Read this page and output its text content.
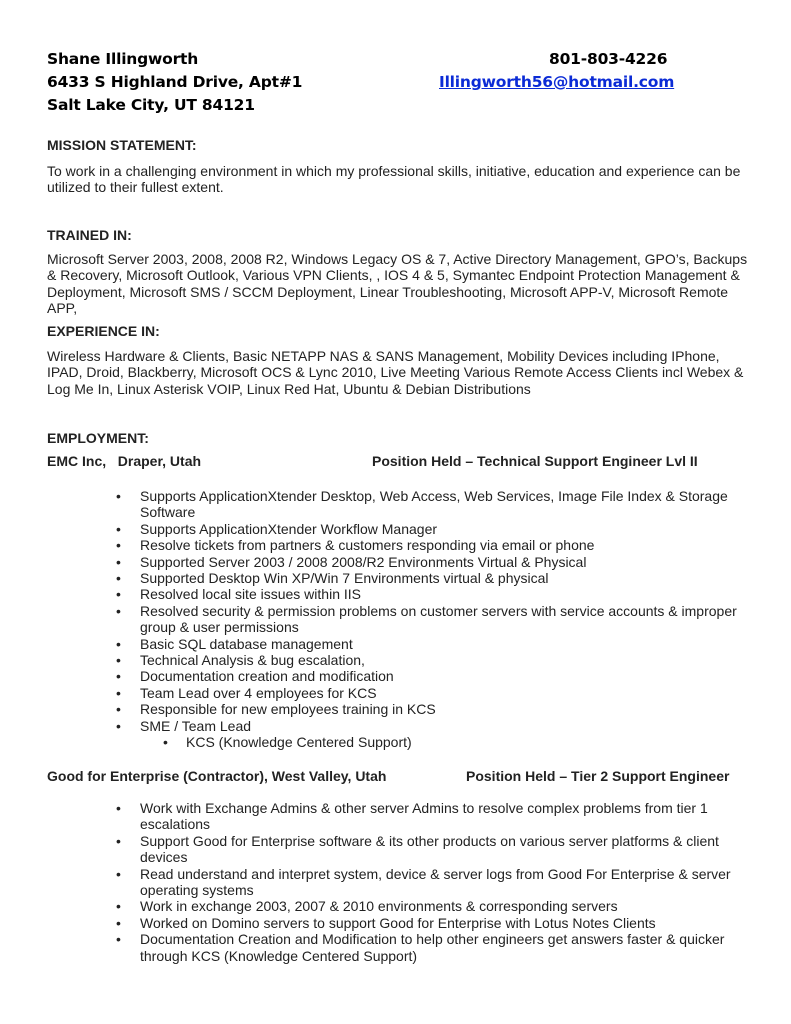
Shane Illingworth
6433 S Highland Drive, Apt#1
Salt Lake City, UT 84121
801-803-4226
Illingworth56@hotmail.com
MISSION STATEMENT:
To work in a challenging environment in which my professional skills, initiative, education and experience can be utilized to their fullest extent.
TRAINED IN:
Microsoft Server 2003, 2008, 2008 R2, Windows Legacy OS & 7, Active Directory Management, GPO’s, Backups & Recovery, Microsoft Outlook, Various VPN Clients, , IOS 4 & 5, Symantec Endpoint Protection Management & Deployment, Microsoft SMS / SCCM Deployment, Linear Troubleshooting, Microsoft APP-V, Microsoft Remote APP,
EXPERIENCE IN:
Wireless Hardware & Clients, Basic NETAPP NAS & SANS Management, Mobility Devices including IPhone, IPAD, Droid, Blackberry, Microsoft OCS & Lync 2010, Live Meeting Various Remote Access Clients incl Webex & Log Me In, Linux Asterisk VOIP, Linux Red Hat, Ubuntu & Debian Distributions
EMPLOYMENT:
EMC Inc,   Draper, Utah	Position Held – Technical Support Engineer Lvl II
• Supports ApplicationXtender Desktop, Web Access, Web Services, Image File Index & Storage Software
• Supports ApplicationXtender Workflow Manager
• Resolve tickets from partners & customers responding via email or phone
• Supported Server 2003 / 2008 2008/R2 Environments Virtual & Physical
• Supported Desktop Win XP/Win 7 Environments virtual & physical
• Resolved local site issues within IIS
• Resolved security & permission problems on customer servers with service accounts & improper group & user permissions
• Basic SQL database management
• Technical Analysis & bug escalation,
• Documentation creation and modification
• Team Lead over 4 employees for KCS
• Responsible for new employees training in KCS
• SME / Team Lead
• KCS (Knowledge Centered Support)
Good for Enterprise (Contractor), West Valley, Utah	Position Held – Tier 2 Support Engineer
• Work with Exchange Admins & other server Admins to resolve complex problems from tier 1 escalations
• Support Good for Enterprise software & its other products on various server platforms & client devices
• Read understand and interpret system, device & server logs from Good For Enterprise & server operating systems
• Work in exchange 2003, 2007 & 2010 environments & corresponding servers
• Worked on Domino servers to support Good for Enterprise with Lotus Notes Clients
• Documentation Creation and Modification to help other engineers get answers faster & quicker through KCS (Knowledge Centered Support)
